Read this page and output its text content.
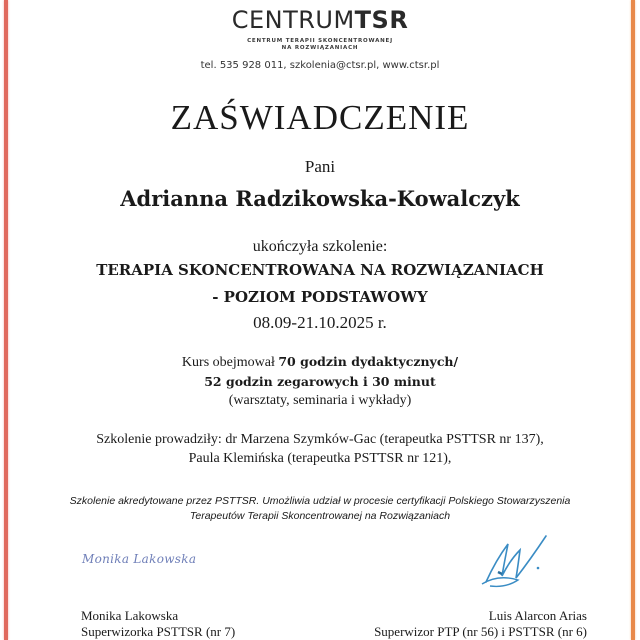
CENTRUMTSR
CENTRUM TERAPII SKONCENTROWANEJ
NA ROZWIĄZANIACH
tel. 535 928 011, szkolenia@ctsr.pl, www.ctsr.pl
ZAŚWIADCZENIE
Pani
Adrianna Radzikowska-Kowalczyk
ukończyła szkolenie:
TERAPIA SKONCENTROWANA NA ROZWIĄZANIACH
- POZIOM PODSTAWOWY
08.09-21.10.2025 r.
Kurs obejmował 70 godzin dydaktycznych/
52 godzin zegarowych i 30 minut
(warsztaty, seminaria i wykłady)
Szkolenie prowadziły: dr Marzena Szymków-Gac (terapeutka PSTTSR nr 137),
Paula Klemińska (terapeutka PSTTSR nr 121),
Szkolenie akredytowane przez PSTTSR. Umożliwia udział w procesie certyfikacji Polskiego Stowarzyszenia
Terapeutów Terapii Skoncentrowanej na Rozwiązaniach
Monika Lakowska
Monika Lakowska
Superwizorka PSTTSR (nr 7)
Luis Alarcon Arias
Superwizor PTP (nr 56) i PSTTSR (nr 6)
